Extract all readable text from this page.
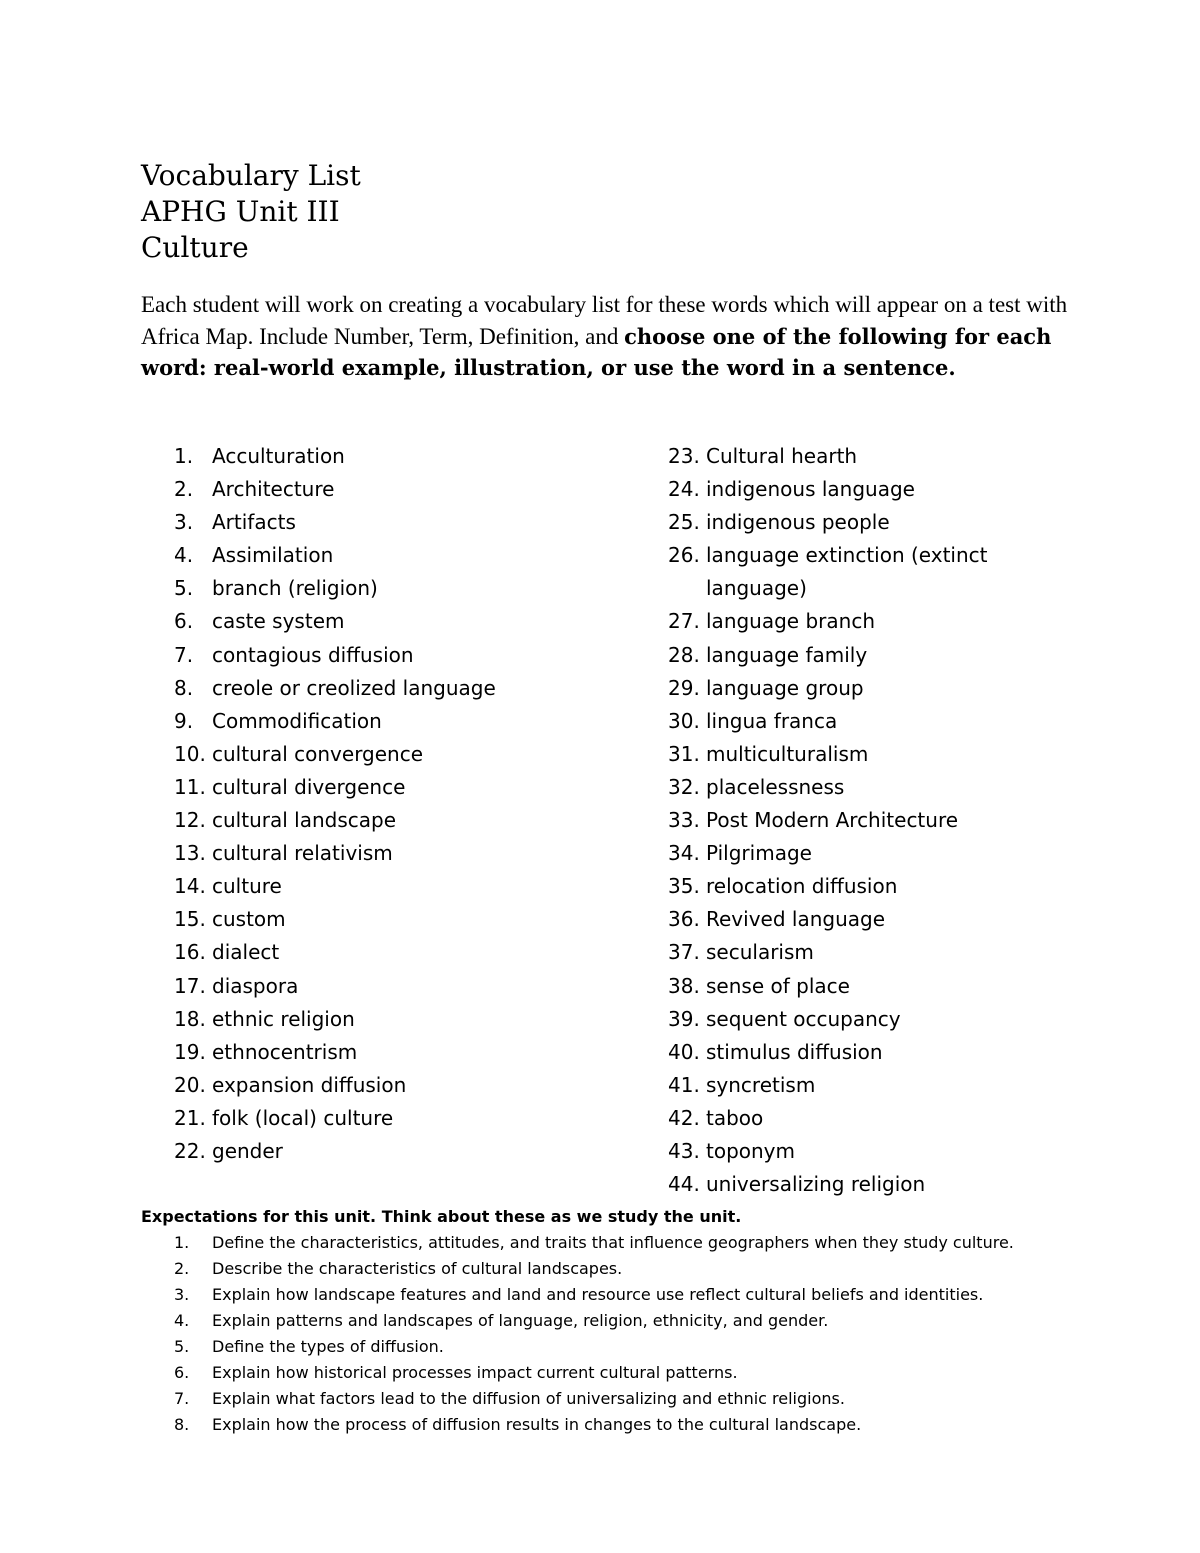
Vocabulary List
APHG Unit III
Culture
Each student will work on creating a vocabulary list for these words which will appear on a test with Africa Map. Include Number, Term, Definition, and choose one of the following for each word: real-world example, illustration, or use the word in a sentence.
1. Acculturation
2. Architecture
3. Artifacts
4. Assimilation
5. branch (religion)
6. caste system
7. contagious diffusion
8. creole or creolized language
9. Commodification
10. cultural convergence
11. cultural divergence
12. cultural landscape
13. cultural relativism
14. culture
15. custom
16. dialect
17. diaspora
18. ethnic religion
19. ethnocentrism
20. expansion diffusion
21. folk (local) culture
22. gender
23. Cultural hearth
24. indigenous language
25. indigenous people
26. language extinction (extinct language)
27. language branch
28. language family
29. language group
30. lingua franca
31. multiculturalism
32. placelessness
33. Post Modern Architecture
34. Pilgrimage
35. relocation diffusion
36. Revived language
37. secularism
38. sense of place
39. sequent occupancy
40. stimulus diffusion
41. syncretism
42. taboo
43. toponym
44. universalizing religion
Expectations for this unit. Think about these as we study the unit.
1.	Define the characteristics, attitudes, and traits that influence geographers when they study culture.
2.	Describe the characteristics of cultural landscapes.
3.	Explain how landscape features and land and resource use reflect cultural beliefs and identities.
4.	Explain patterns and landscapes of language, religion, ethnicity, and gender.
5.	Define the types of diffusion.
6.	Explain how historical processes impact current cultural patterns.
7.	Explain what factors lead to the diffusion of universalizing and ethnic religions.
8.	Explain how the process of diffusion results in changes to the cultural landscape.
